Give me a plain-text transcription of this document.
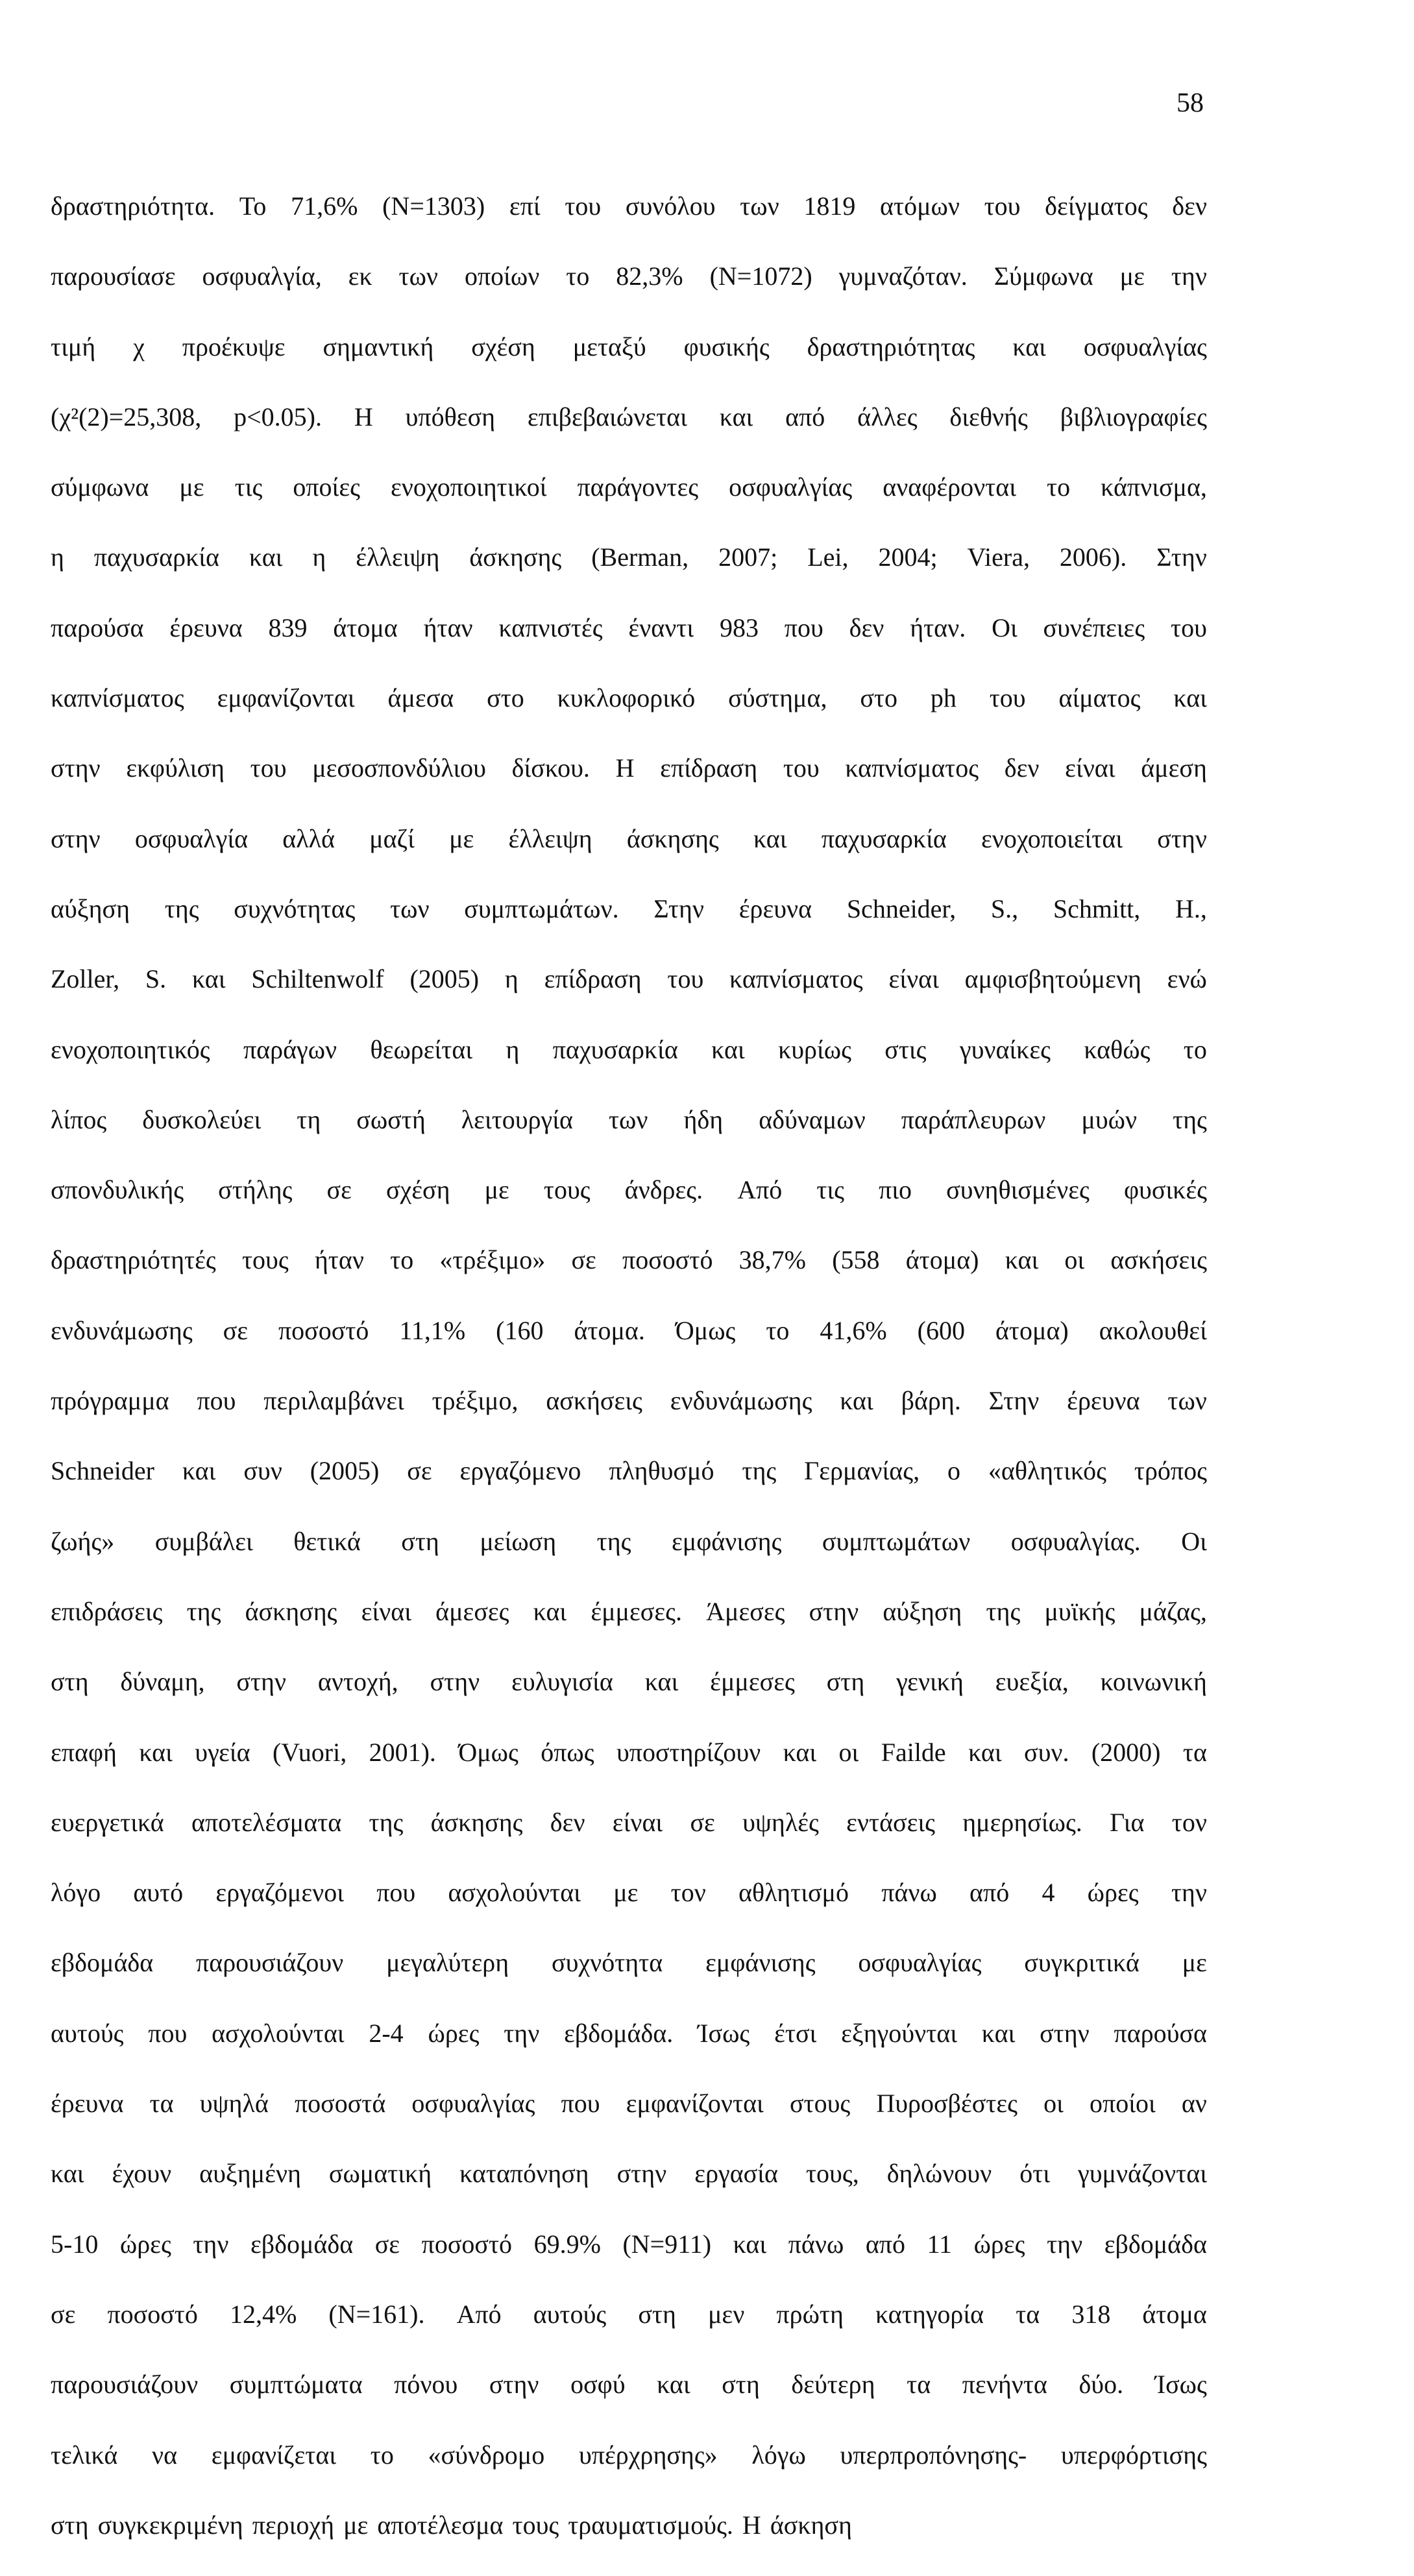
58
δραστηριότητα. Το 71,6% (Ν=1303) επί του συνόλου των 1819 ατόμων του δείγματος δεν
παρουσίασε οσφυαλγία, εκ των οποίων το 82,3% (Ν=1072) γυμναζόταν. Σύμφωνα με την
τιμή χ προέκυψε σημαντική σχέση μεταξύ φυσικής δραστηριότητας και οσφυαλγίας
(χ²(2)=25,308, p<0.05). Η υπόθεση επιβεβαιώνεται και από άλλες διεθνής βιβλιογραφίες
σύμφωνα με τις οποίες ενοχοποιητικοί παράγοντες οσφυαλγίας αναφέρονται το κάπνισμα,
η παχυσαρκία και η έλλειψη άσκησης (Berman, 2007; Lei, 2004; Viera, 2006). Στην
παρούσα έρευνα 839 άτομα ήταν καπνιστές έναντι 983 που δεν ήταν. Οι συνέπειες του
καπνίσματος εμφανίζονται άμεσα στο κυκλοφορικό σύστημα, στο ph του αίματος και
στην εκφύλιση του μεσοσπονδύλιου δίσκου. Η επίδραση του καπνίσματος δεν είναι άμεση
στην οσφυαλγία αλλά μαζί με έλλειψη άσκησης και παχυσαρκία ενοχοποιείται στην
αύξηση της συχνότητας των συμπτωμάτων. Στην έρευνα Schneider, S., Schmitt, H.,
Zoller, S. και Schiltenwolf (2005) η επίδραση του καπνίσματος είναι αμφισβητούμενη ενώ
ενοχοποιητικός παράγων θεωρείται η παχυσαρκία και κυρίως στις γυναίκες καθώς το
λίπος δυσκολεύει τη σωστή λειτουργία των ήδη αδύναμων παράπλευρων μυών της
σπονδυλικής στήλης σε σχέση με τους άνδρες. Από τις πιο συνηθισμένες φυσικές
δραστηριότητές τους ήταν το «τρέξιμο» σε ποσοστό 38,7% (558 άτομα) και οι ασκήσεις
ενδυνάμωσης σε ποσοστό 11,1% (160 άτομα. Όμως το 41,6% (600 άτομα) ακολουθεί
πρόγραμμα που περιλαμβάνει τρέξιμο, ασκήσεις ενδυνάμωσης και βάρη. Στην έρευνα των
Schneider και συν (2005) σε εργαζόμενο πληθυσμό της Γερμανίας, ο «αθλητικός τρόπος
ζωής» συμβάλει θετικά στη μείωση της εμφάνισης συμπτωμάτων οσφυαλγίας. Οι
επιδράσεις της άσκησης είναι άμεσες και έμμεσες. Άμεσες στην αύξηση της μυϊκής μάζας,
στη δύναμη, στην αντοχή, στην ευλυγισία και έμμεσες στη γενική ευεξία, κοινωνική
επαφή και υγεία (Vuori, 2001). Όμως όπως υποστηρίζουν και οι Failde και συν. (2000) τα
ευεργετικά αποτελέσματα της άσκησης δεν είναι σε υψηλές εντάσεις ημερησίως. Για τον
λόγο αυτό εργαζόμενοι που ασχολούνται με τον αθλητισμό πάνω από 4 ώρες την
εβδομάδα παρουσιάζουν μεγαλύτερη συχνότητα εμφάνισης οσφυαλγίας συγκριτικά με
αυτούς που ασχολούνται 2-4 ώρες την εβδομάδα. Ίσως έτσι εξηγούνται και στην παρούσα
έρευνα τα υψηλά ποσοστά οσφυαλγίας που εμφανίζονται στους Πυροσβέστες οι οποίοι αν
και έχουν αυξημένη σωματική καταπόνηση στην εργασία τους, δηλώνουν ότι γυμνάζονται
5-10 ώρες την εβδομάδα σε ποσοστό 69.9% (Ν=911) και πάνω από 11 ώρες την εβδομάδα
σε ποσοστό 12,4% (Ν=161). Από αυτούς στη μεν πρώτη κατηγορία τα 318 άτομα
παρουσιάζουν συμπτώματα πόνου στην οσφύ και στη δεύτερη τα πενήντα δύο. Ίσως
τελικά να εμφανίζεται το «σύνδρομο υπέρχρησης» λόγω υπερπροπόνησης- υπερφόρτισης
στη συγκεκριμένη περιοχή με αποτέλεσμα τους τραυματισμούς. Η άσκηση
